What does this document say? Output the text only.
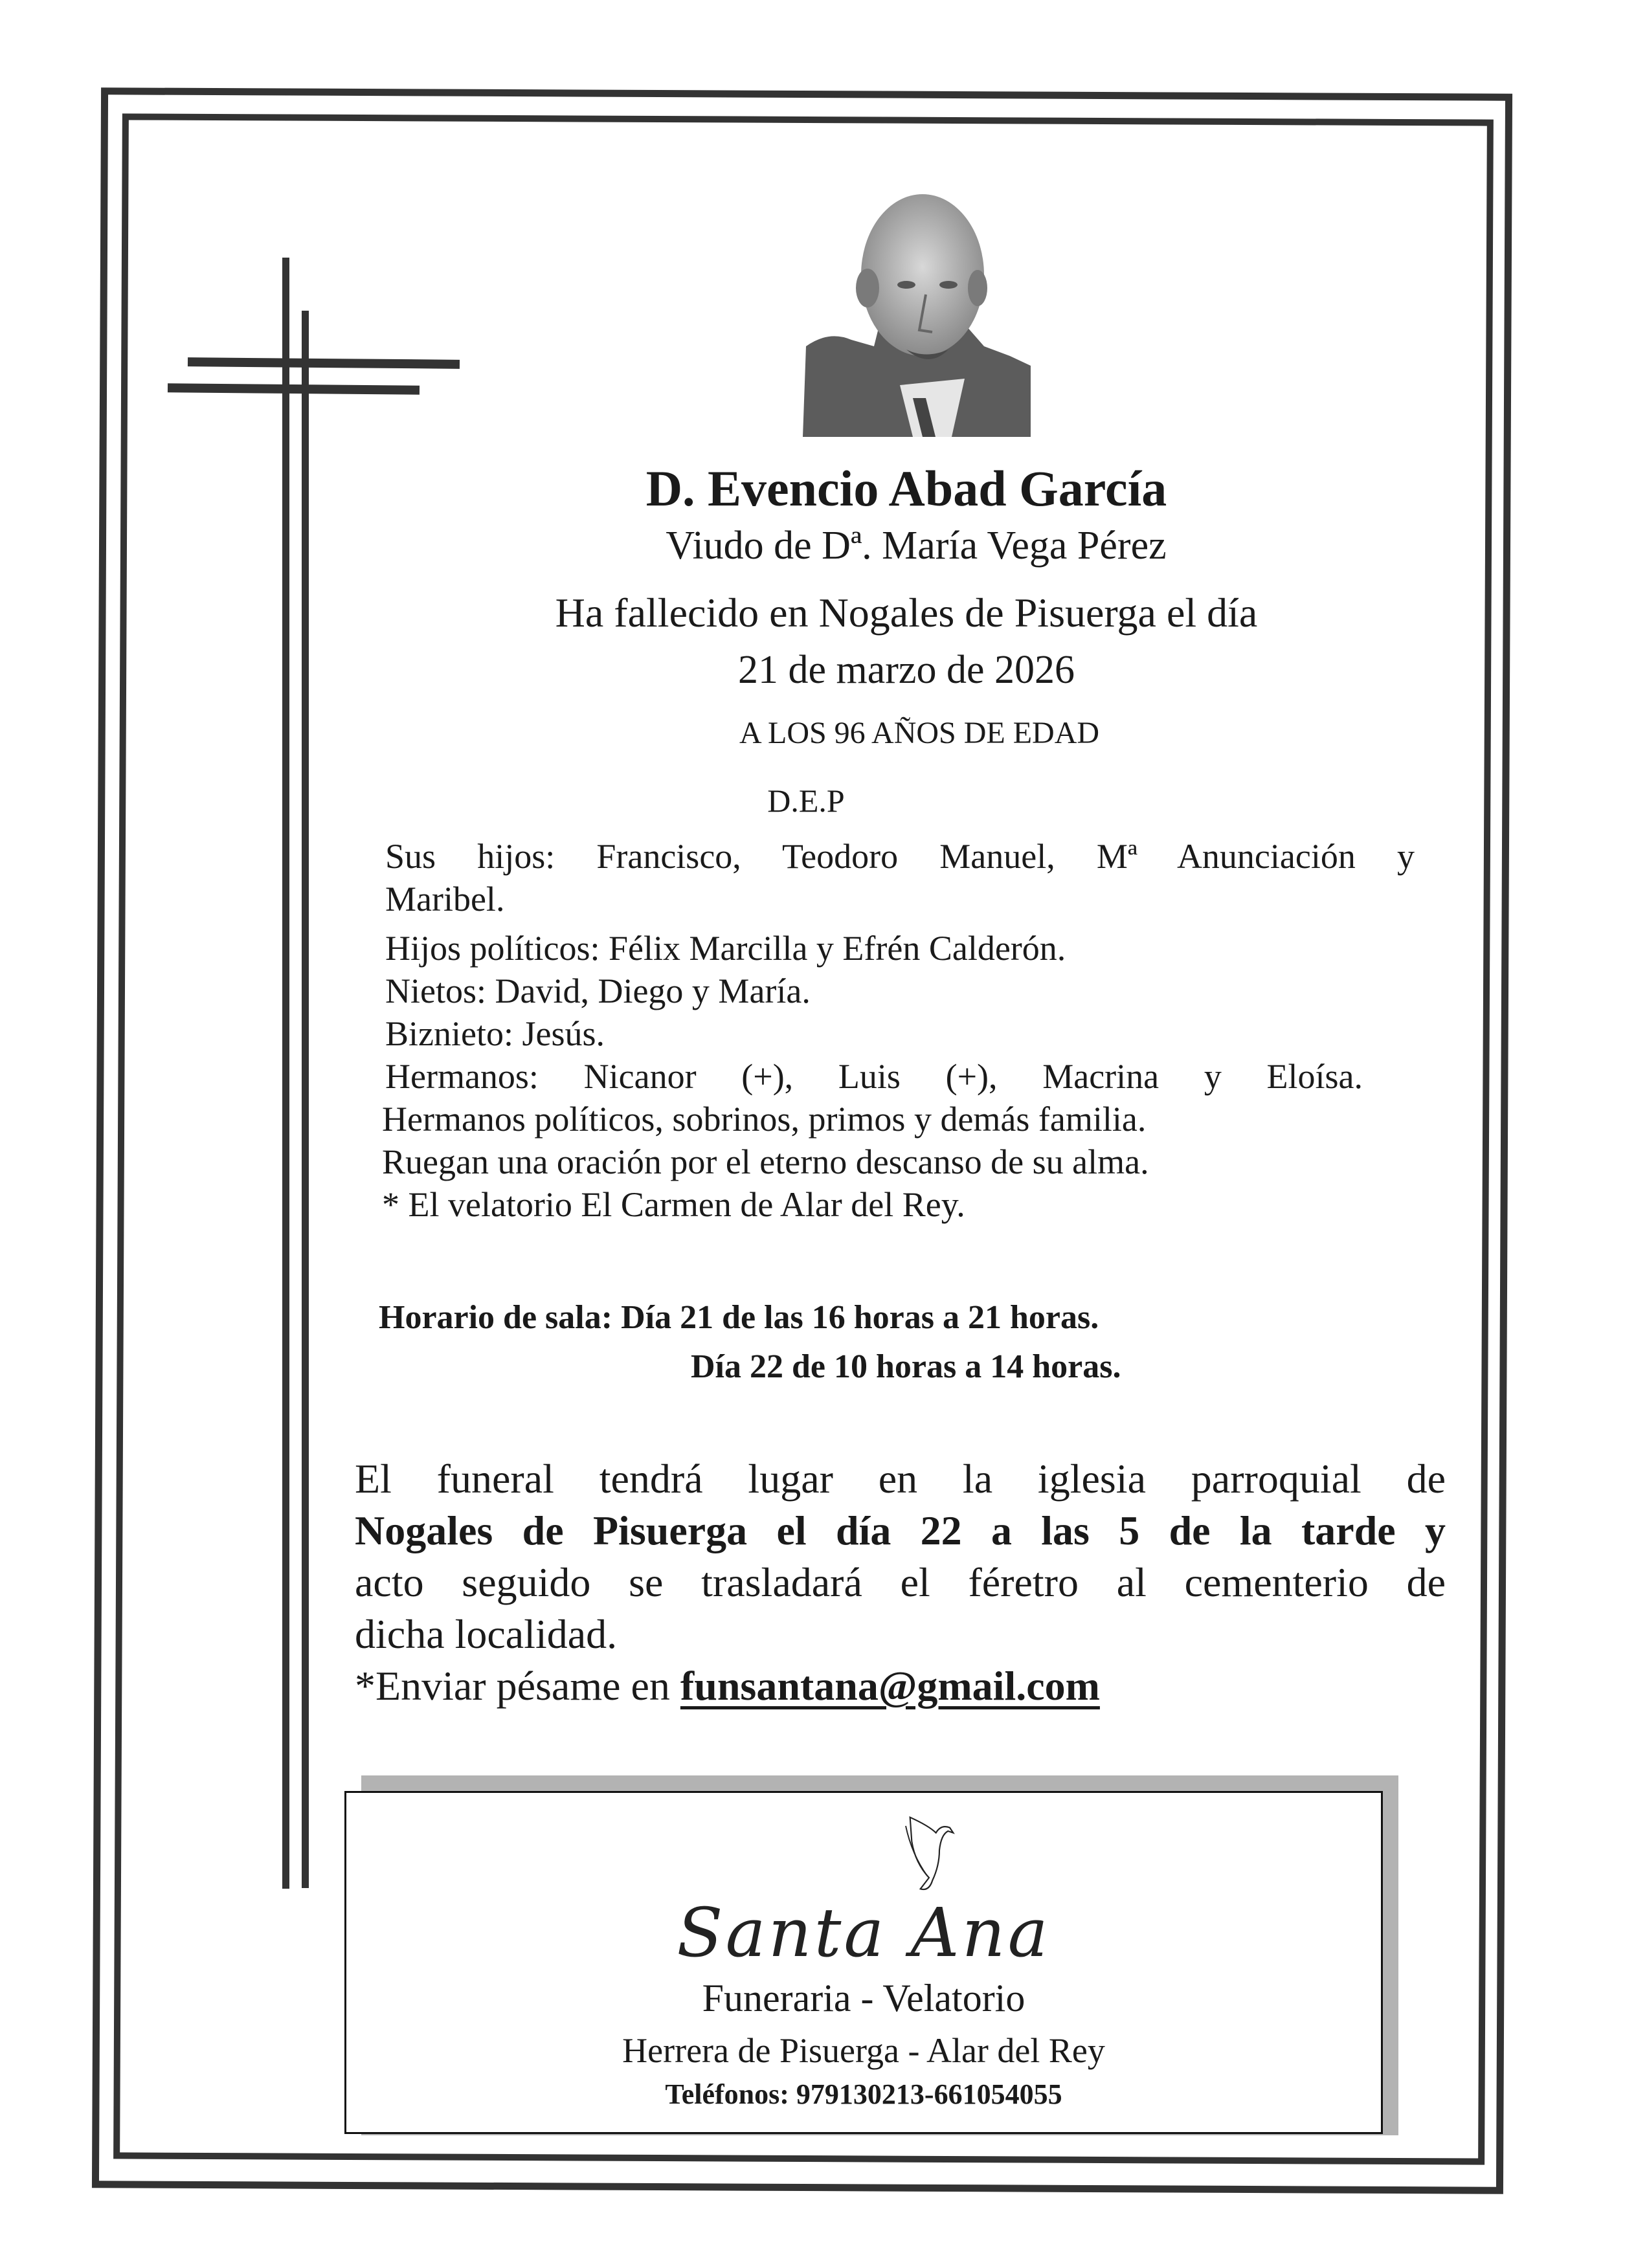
D. Evencio Abad García
Viudo de Dª. María Vega Pérez
Ha fallecido en Nogales de Pisuerga el día
21 de marzo de 2026
A LOS 96 AÑOS DE EDAD
D.E.P
Sus hijos: Francisco, Teodoro Manuel, Mª Anunciación y
Maribel.
Hijos políticos: Félix Marcilla y Efrén Calderón.
Nietos: David, Diego y María.
Biznieto: Jesús.
Hermanos: Nicanor (+), Luis (+), Macrina y Eloísa.
Hermanos políticos, sobrinos, primos y demás familia.
Ruegan una oración por el eterno descanso de su alma.
* El velatorio El Carmen de Alar del Rey.
Horario de sala: Día 21 de las 16 horas a 21 horas.
Día 22 de 10 horas a 14 horas.
El funeral tendrá lugar en la iglesia parroquial de
Nogales de Pisuerga el día 22 a las 5 de la tarde y
acto seguido se trasladará el féretro al cementerio de
dicha localidad.
*Enviar pésame en funsantana@gmail.com
Santa Ana
Funeraria - Velatorio
Herrera de Pisuerga - Alar del Rey
Teléfonos: 979130213-661054055
